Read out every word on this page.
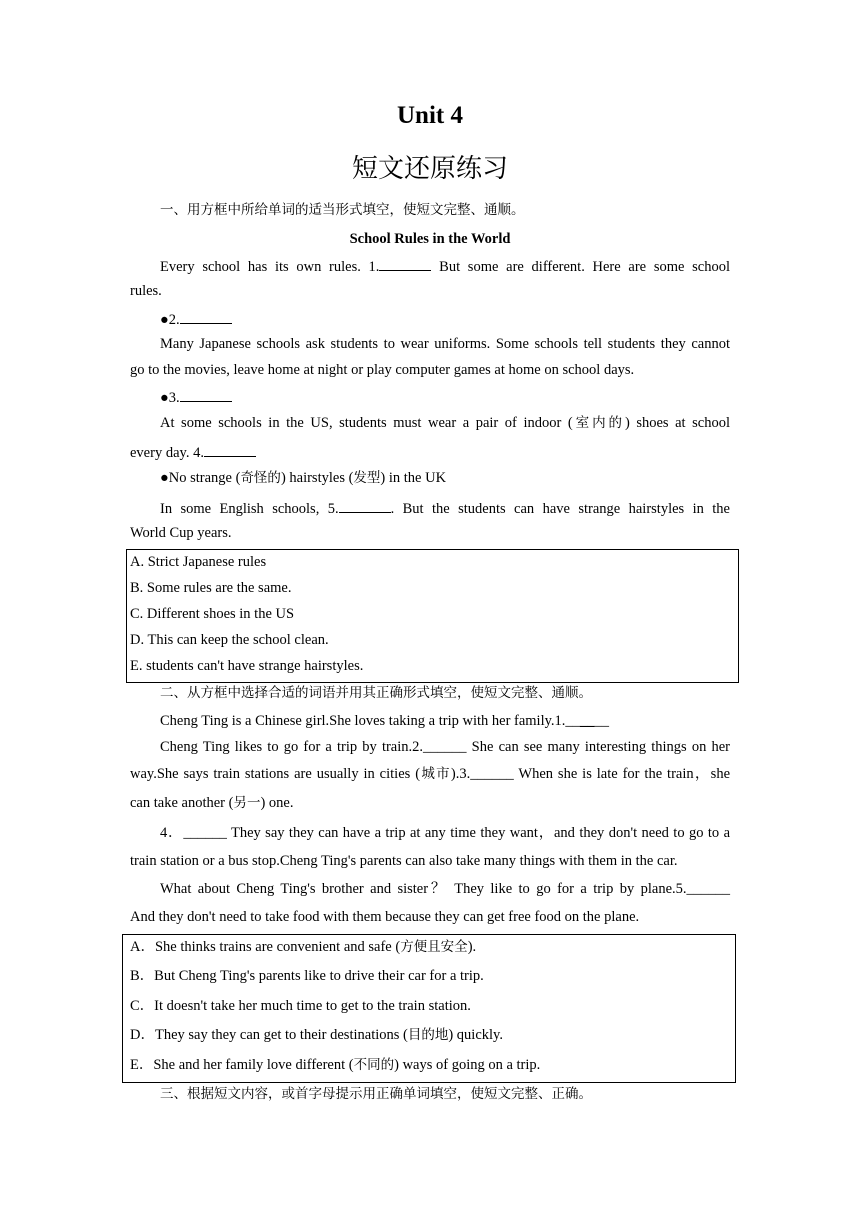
Unit 4
短文还原练习
一、用方框中所给单词的适当形式填空，使短文完整、通顺。
School Rules in the World
Every school has its own rules. 1.	But some are different. Here are some school
rules.
●2.
Many Japanese schools ask students to wear uniforms. Some schools tell students they cannot
go to the movies, leave home at night or play computer games at home on school days.
●3.
At some schools in the US, students must wear a pair of indoor (室内的) shoes at school
every day. 4.
●No strange (奇怪的) hairstyles (发型) in the UK
In some English schools, 5.	. But the students can have strange hairstyles in the
World Cup years.
A. Strict Japanese rules
B. Some rules are the same.
C. Different shoes in the US
D. This can keep the school clean.
E. students can't have strange hairstyles.
二、从方框中选择合适的词语并用其正确形式填空，使短文完整、通顺。
Cheng Ting is a Chinese girl.She loves taking a trip with her family.1.______
Cheng Ting likes to go for a trip by train.2.______ She can see many interesting things on her
way.She says train stations are usually in cities (城市).3.______ When she is late for the train，she
can take another (另一) one.
4．______ They say they can have a trip at any time they want，and they don't need to go to a
train station or a bus stop.Cheng Ting's parents can also take many things with them in the car.
What about Cheng Ting's brother and sister？ They like to go for a trip by plane.5.______
And they don't need to take food with them because they can get free food on the plane.
A．She thinks trains are convenient and safe (方便且安全).
B．But Cheng Ting's parents like to drive their car for a trip.
C．It doesn't take her much time to get to the train station.
D．They say they can get to their destinations (目的地) quickly.
E．She and her family love different (不同的) ways of going on a trip.
三、根据短文内容，或首字母提示用正确单词填空，使短文完整、正确。
